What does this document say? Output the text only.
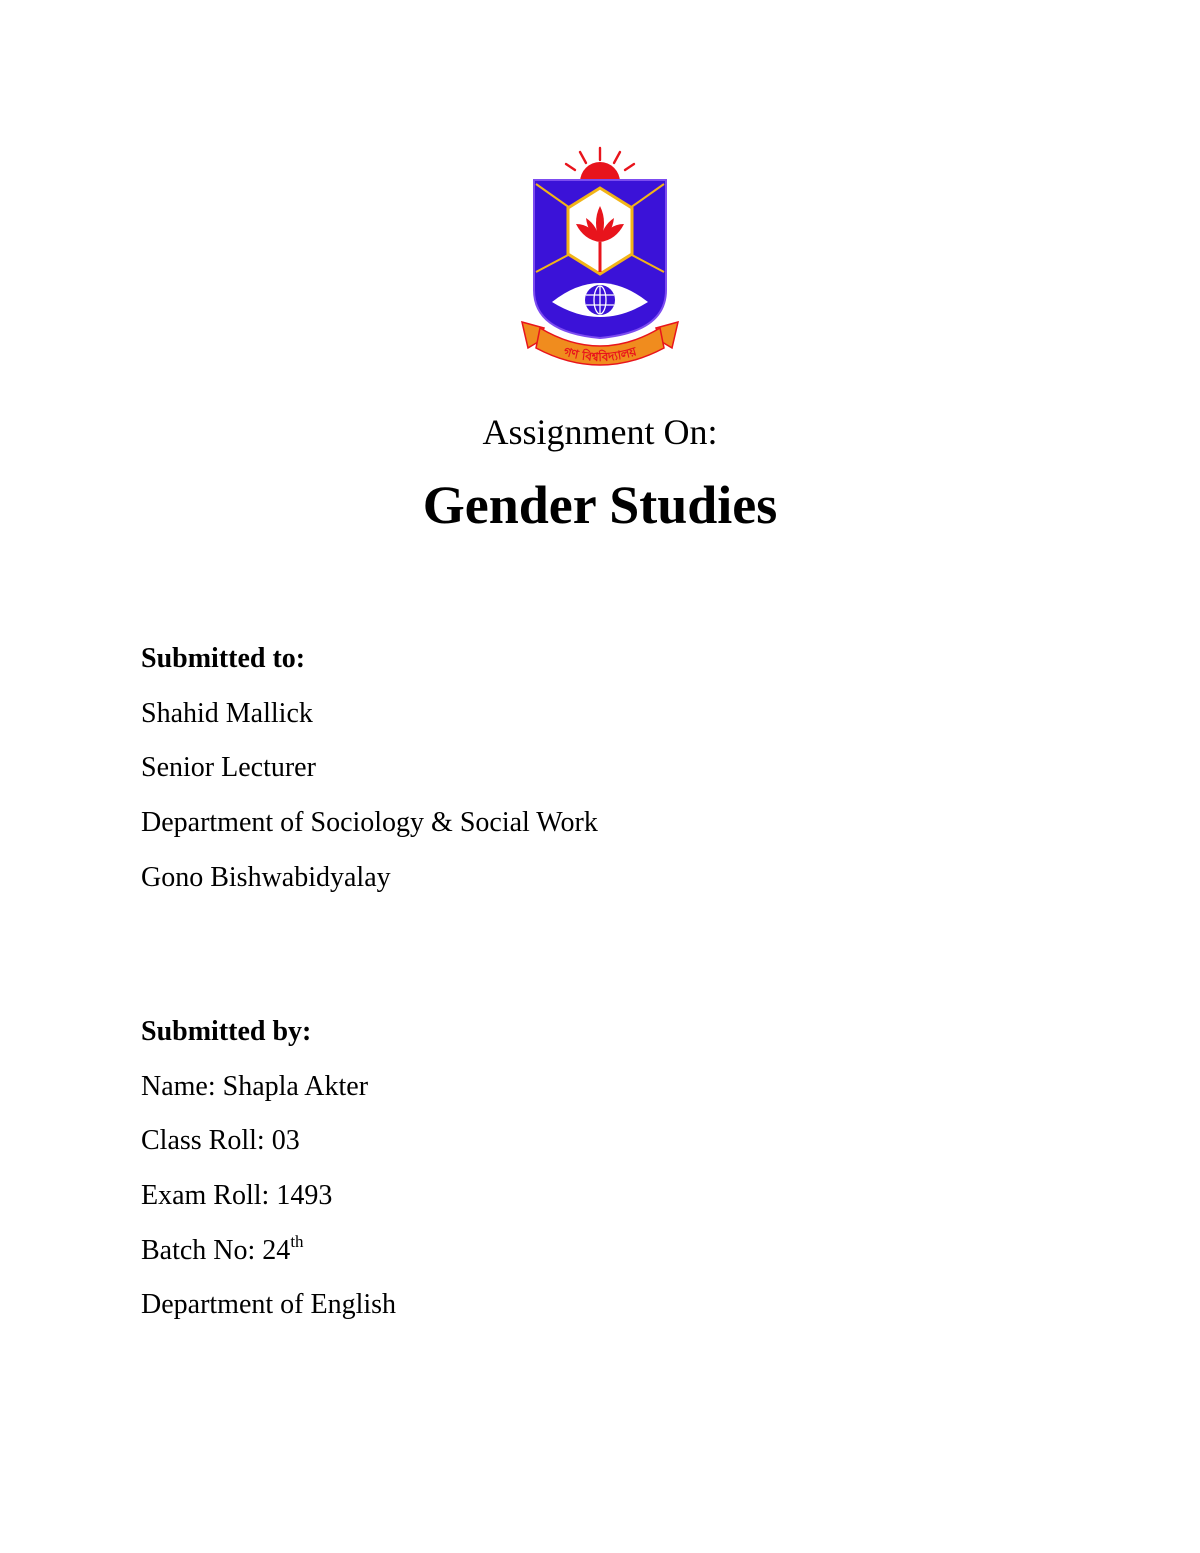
গণ বিশ্ববিদ্যালয়
Assignment On:
Gender Studies
Submitted to:
Shahid Mallick
Senior Lecturer
Department of Sociology & Social Work
Gono Bishwabidyalay
Submitted by:
Name: Shapla Akter
Class Roll: 03
Exam Roll: 1493
Batch No: 24th
Department of English
